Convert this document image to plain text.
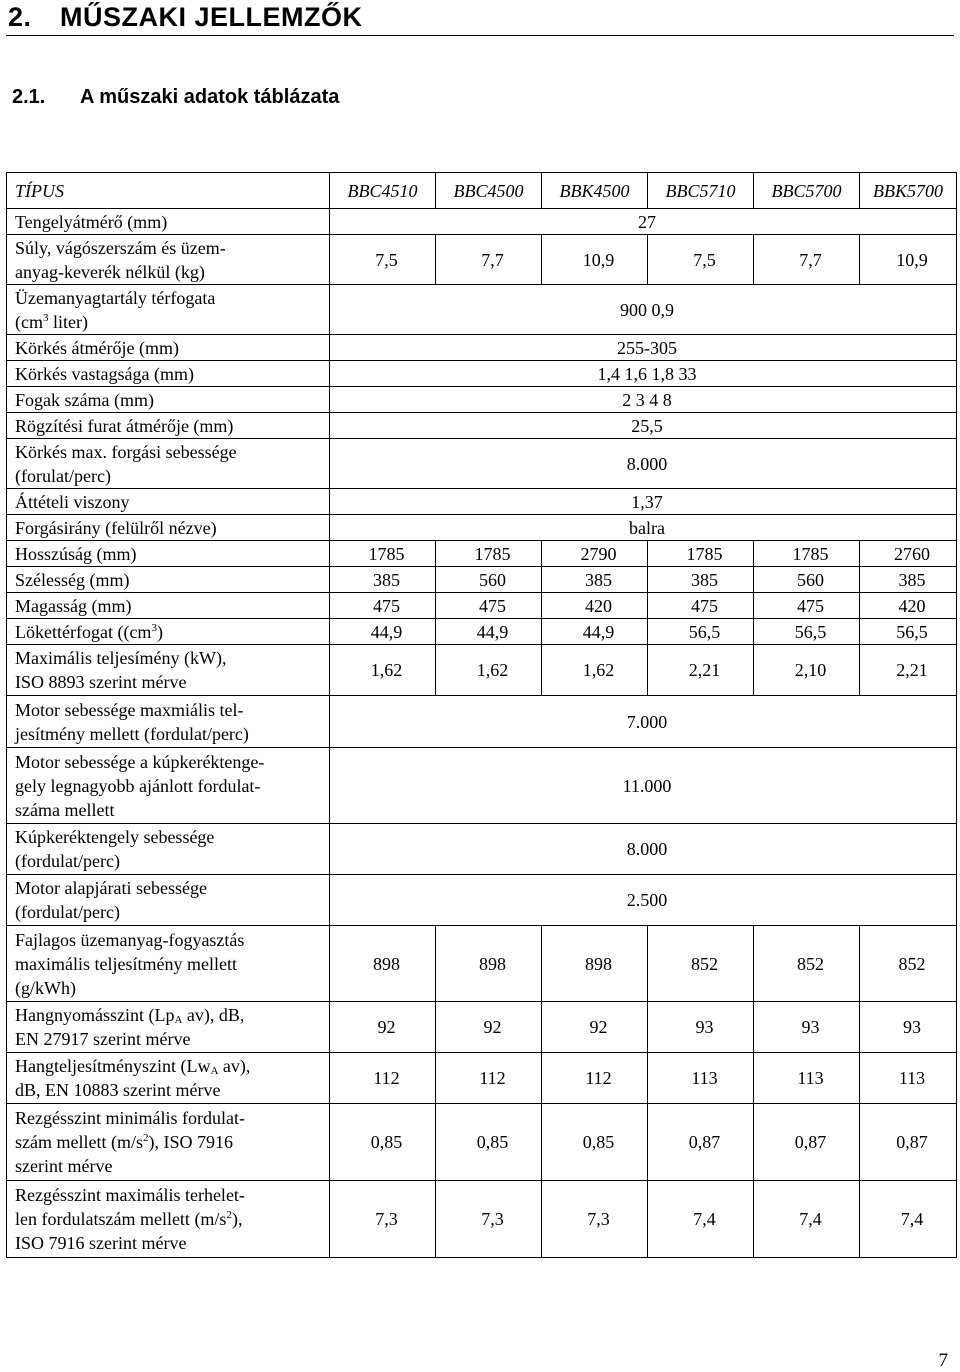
2. MŰSZAKI JELLEMZŐK
2.1. A műszaki adatok táblázata
TÍPUS	BBC4510	BBC4500	BBK4500	BBC5710	BBC5700	BBK5700
Tengelyátmérő (mm)	27					
Súly, vágószerszám és üzem-
anyag-keverék nélkül (kg)	7,5	7,7	10,9	7,5	7,7	10,9
Üzemanyagtartály térfogata
($cm^3$ liter)	900 0,9					
Körkés átmérője (mm)	255-305					
Körkés vastagsága (mm)	1,4 1,6 1,8 33					
Fogak száma (mm)	2 3 4 8					
Rögzítési furat átmérője (mm)	25,5					
Körkés max. forgási sebessége
(forulat/perc)	8.000					
Áttételi viszony	1,37					
Forgásirány (felülről nézve)	balra					
Hosszúság (mm)	1785	1785	2790	1785	1785	2760
Szélesség (mm)	385	560	385	385	560	385
Magasság (mm)	475	475	420	475	475	420
Lökettérfogat ($(cm^3)$	44,9	44,9	44,9	56,5	56,5	56,5
Maximális teljesímény (kW),
ISO 8893 szerint mérve	1,62	1,62	1,62	2,21	2,10	2,21
Motor sebessége maxmiális tel-
jesítmény mellett (fordulat/perc)	7.000					
Motor sebessége a kúpkeréktenge-
gely legnagyobb ajánlott fordulat-
száma mellett	11.000					
Kúpkeréktengely sebessége
(fordulat/perc)	8.000					
Motor alapjárati sebessége
(fordulat/perc)	2.500					
Fajlagos üzemanyag-fogyasztás
maximális teljesítmény mellett
(g/kWh)	898	898	898	852	852	852
Hangnyomásszint ($Lp_A$ av), dB,
EN 27917 szerint mérve	92	92	92	93	93	93
Hangteljesítményszint ($Lw_A$ av),
dB, EN 10883 szerint mérve	112	112	112	113	113	113
Rezgésszint minimális fordulat-
szám mellett $(m/s^2)$, ISO 7916
szerint mérve	0,85	0,85	0,85	0,87	0,87	0,87
Rezgésszint maximális terhelet-
len fordulatszám mellett $(m/s^2)$,
ISO 7916 szerint mérve	7,3	7,3	7,3	7,4	7,4	7,4
7
